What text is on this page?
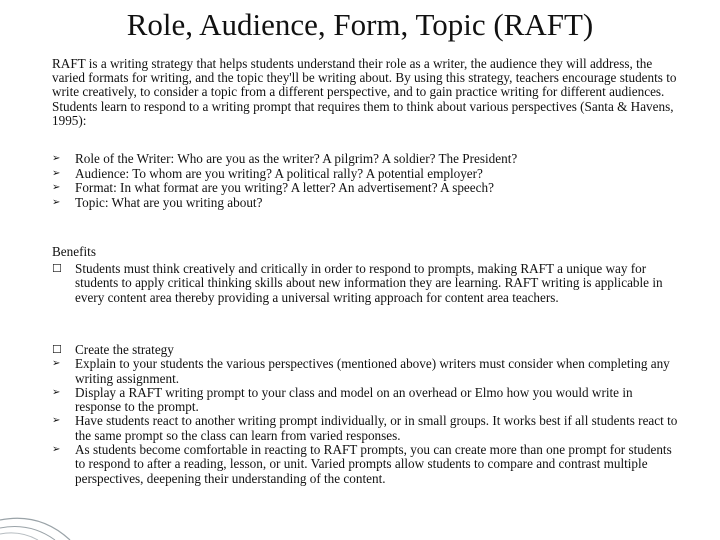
Role, Audience, Form, Topic (RAFT)
RAFT is a writing strategy that helps students understand their role as a writer, the audience they will address, the varied formats for writing, and the topic they'll be writing about. By using this strategy, teachers encourage students to write creatively, to consider a topic from a different perspective, and to gain practice writing for different audiences. Students learn to respond to a writing prompt that requires them to think about various perspectives (Santa & Havens, 1995):
➢	Role of the Writer: Who are you as the writer? A pilgrim? A soldier? The President?
➢	Audience: To whom are you writing? A political rally? A potential employer?
➢	Format: In what format are you writing? A letter? An advertisement? A speech?
➢	Topic: What are you writing about?
Benefits
☐ Students must think creatively and critically in order to respond to prompts, making RAFT a unique way for students to apply critical thinking skills about new information they are learning. RAFT writing is applicable in every content area thereby providing a universal writing approach for content area teachers.
☐ Create the strategy
➢	Explain to your students the various perspectives (mentioned above) writers must consider when completing any writing assignment.
➢	Display a RAFT writing prompt to your class and model on an overhead or Elmo how you would write in response to the prompt.
➢	Have students react to another writing prompt individually, or in small groups. It works best if all students react to the same prompt so the class can learn from varied responses.
➢	As students become comfortable in reacting to RAFT prompts, you can create more than one prompt for students to respond to after a reading, lesson, or unit. Varied prompts allow students to compare and contrast multiple perspectives, deepening their understanding of the content.
